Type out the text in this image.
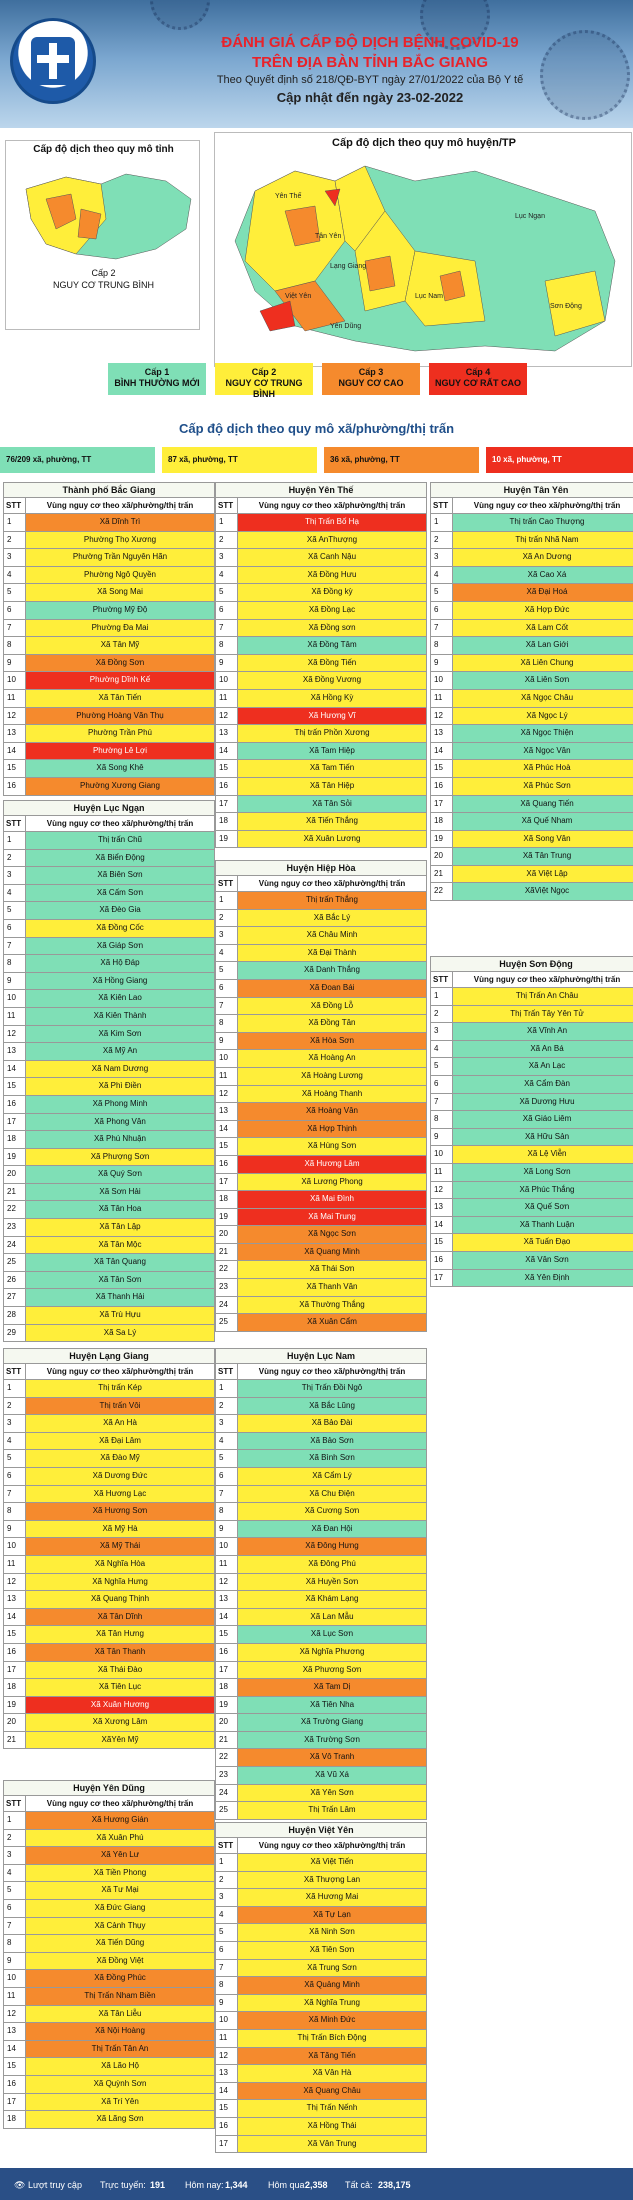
ĐÁNH GIÁ CẤP ĐỘ DỊCH BỆNH COVID-19
TRÊN ĐỊA BÀN TỈNH BẮC GIANG
Theo Quyết định số 218/QĐ-BYT ngày 27/01/2022 của Bộ Y tế
Cập nhật đến ngày 23-02-2022
Cấp độ dịch theo quy mô tỉnh
Cấp 2
NGUY CƠ TRUNG BÌNH
Cấp độ dịch theo quy mô huyện/TP
Yên Thế
Tân Yên
Lục Ngạn
Lạng Giang
Việt Yên	Lục Nam
Sơn Động
Yên Dũng
Cấp 1
BÌNH THƯỜNG MỚI
Cấp 2
NGUY CƠ TRUNG BÌNH
Cấp 3
NGUY CƠ CAO
Cấp 4
NGUY CƠ RẤT CAO
Cấp độ dịch theo quy mô xã/phường/thị trấn
76/209 xã, phường, TT	87 xã, phường, TT	36 xã, phường, TT	10 xã, phường, TT
Thành phố Bắc Giang
STT	Vùng nguy cơ theo xã/phường/thị trấn
1	Xã Dĩnh Trì
2	Phường Thọ Xương
3	Phường Trần Nguyên Hãn
4	Phường Ngô Quyền
5	Xã Song Mai
6	Phường Mỹ Độ
7	Phường Đa Mai
8	Xã Tân Mỹ
9	Xã Đồng Sơn
10	Phường Dĩnh Kế
11	Xã Tân Tiến
12	Phường Hoàng Văn Thụ
13	Phường Trần Phú
14	Phường Lê Lợi
15	Xã Song Khê
16	Phường Xương Giang
Huyện Lục Ngạn
STT	Vùng nguy cơ theo xã/phường/thị trấn
1	Thị trấn Chũ
2	Xã Biển Động
3	Xã Biên Sơn
4	Xã Cấm Sơn
5	Xã Đèo Gia
6	Xã Đồng Cốc
7	Xã Giáp Sơn
8	Xã Hộ Đáp
9	Xã Hồng Giang
10	Xã Kiên Lao
11	Xã Kiên Thành
12	Xã Kim Sơn
13	Xã Mỹ An
14	Xã Nam Dương
15	Xã Phì Điền
16	Xã Phong Minh
17	Xã Phong Vân
18	Xã Phú Nhuận
19	Xã Phượng Sơn
20	Xã Quý Sơn
21	Xã Sơn Hải
22	Xã Tân Hoa
23	Xã Tân Lập
24	Xã Tân Mộc
25	Xã Tân Quang
26	Xã Tân Sơn
27	Xã Thanh Hải
28	Xã Trù Hựu
29	Xã Sa Lý
Huyện Lạng Giang
STT	Vùng nguy cơ theo xã/phường/thị trấn
1	Thị trấn Kép
2	Thị trấn Vôi
3	Xã An Hà
4	Xã Đại Lâm
5	Xã Đào Mỹ
6	Xã Dương Đức
7	Xã Hương Lạc
8	Xã Hương Sơn
9	Xã Mỹ Hà
10	Xã Mỹ Thái
11	Xã Nghĩa Hòa
12	Xã Nghĩa Hưng
13	Xã Quang Thịnh
14	Xã Tân Dĩnh
15	Xã Tân Hưng
16	Xã Tân Thanh
17	Xã Thái Đào
18	Xã Tiên Lục
19	Xã Xuân Hương
20	Xã Xương Lâm
21	XãYên Mỹ
Huyện Yên Dũng
STT	Vùng nguy cơ theo xã/phường/thị trấn
1	Xã Hương Gián
2	Xã Xuân Phú
3	Xã Yên Lư
4	Xã Tiền Phong
5	Xã Tư Mại
6	Xã Đức Giang
7	Xã Cảnh Thụy
8	Xã Tiến Dũng
9	Xã Đồng Việt
10	Xã Đồng Phúc
11	Thị Trấn Nham Biền
12	Xã Tân Liễu
13	Xã Nội Hoàng
14	Thị Trấn Tân An
15	Xã Lão Hộ
16	Xã Quỳnh Sơn
17	Xã Trí Yên
18	Xã Lãng Sơn
Huyện Yên Thế
STT	Vùng nguy cơ theo xã/phường/thị trấn
1	Thị Trấn Bố Hạ
2	Xã AnThượng
3	Xã Canh Nậu
4	Xã Đồng Hưu
5	Xã Đồng kỳ
6	Xã Đồng Lạc
7	Xã Đồng sơn
8	Xã Đồng Tâm
9	Xã Đồng Tiến
10	Xã Đồng Vương
11	Xã Hồng Kỳ
12	Xã Hương Vĩ
13	Thị trấn Phồn Xương
14	Xã Tam Hiệp
15	Xã Tam Tiến
16	Xã Tân Hiệp
17	Xã Tân Sỏi
18	Xã Tiến Thắng
19	Xã Xuân Lương
Huyện Hiệp Hòa
STT	Vùng nguy cơ theo xã/phường/thị trấn
1	Thị trấn Thắng
2	Xã Bắc Lý
3	Xã Châu Minh
4	Xã Đại Thành
5	Xã Danh Thắng
6	Xã Đoan Bái
7	Xã Đồng Lỗ
8	Xã Đồng Tân
9	Xã Hòa Sơn
10	Xã Hoàng An
11	Xã Hoàng Lương
12	Xã Hoàng Thanh
13	Xã Hoàng Vân
14	Xã Hợp Thịnh
15	Xã Hùng Sơn
16	Xã Hương Lâm
17	Xã Lương Phong
18	Xã Mai Đình
19	Xã Mai Trung
20	Xã Ngọc Sơn
21	Xã Quang Minh
22	Xã Thái Sơn
23	Xã Thanh Vân
24	Xã Thường Thắng
25	Xã Xuân Cẩm
Huyện Lục Nam
STT	Vùng nguy cơ theo xã/phường/thị trấn
1	Thị Trấn Đồi Ngô
2	Xã Bắc Lũng
3	Xã Bảo Đài
4	Xã Bảo Sơn
5	Xã Bình Sơn
6	Xã Cẩm Lý
7	Xã Chu Điện
8	Xã Cương Sơn
9	Xã Đan Hội
10	Xã Đông Hưng
11	Xã Đông Phú
12	Xã Huyền Sơn
13	Xã Khám Lạng
14	Xã Lan Mẫu
15	Xã Lục Sơn
16	Xã Nghĩa Phương
17	Xã Phương Sơn
18	Xã Tam Dị
19	Xã Tiên Nha
20	Xã Trường Giang
21	Xã Trường Sơn
22	Xã Vô Tranh
23	Xã Vũ Xá
24	Xã Yên Sơn
25	Thị Trấn Lâm
Huyện Việt Yên
STT	Vùng nguy cơ theo xã/phường/thị trấn
1	Xã Việt Tiến
2	Xã Thượng Lan
3	Xã Hương Mai
4	Xã Tự Lạn
5	Xã Ninh Sơn
6	Xã Tiên Sơn
7	Xã Trung Sơn
8	Xã Quảng Minh
9	Xã Nghĩa Trung
10	Xã Minh Đức
11	Thị Trấn Bích Động
12	Xã Tăng Tiến
13	Xã Vân Hà
14	Xã Quang Châu
15	Thị Trấn Nếnh
16	Xã Hồng Thái
17	Xã Vân Trung
Huyện Tân Yên
STT	Vùng nguy cơ theo xã/phường/thị trấn
1	Thị trấn Cao Thượng
2	Thị trấn Nhã Nam
3	Xã An Dương
4	Xã Cao Xá
5	Xã Đại Hoá
6	Xã Hợp Đức
7	Xã Lam Cốt
8	Xã Lan Giới
9	Xã Liên Chung
10	Xã Liên Sơn
11	Xã Ngọc Châu
12	Xã Ngọc Lý
13	Xã Ngọc Thiện
14	Xã Ngọc Vân
15	Xã Phúc Hoà
16	Xã Phúc Sơn
17	Xã Quang Tiến
18	Xã Quế Nham
19	Xã Song Vân
20	Xã Tân Trung
21	Xã Việt Lập
22	XãViệt Ngọc
Huyện Sơn Động
STT	Vùng nguy cơ theo xã/phường/thị trấn
1	Thị Trấn An Châu
2	Thị Trấn Tây Yên Tử
3	Xã Vĩnh An
4	Xã An Bá
5	Xã An Lạc
6	Xã Cẩm Đàn
7	Xã Dương Hưu
8	Xã Giáo Liêm
9	Xã Hữu Sản
10	Xã Lệ Viễn
11	Xã Long Sơn
12	Xã Phúc Thắng
13	Xã Quế Sơn
14	Xã Thanh Luận
15	Xã Tuấn Đạo
16	Xã Vân Sơn
17	Xã Yên Định
👁 Lượt truy cập Trực tuyến: 191 Hôm nay: 1,344 Hôm qua:
2,358 Tất cả: 238,175
